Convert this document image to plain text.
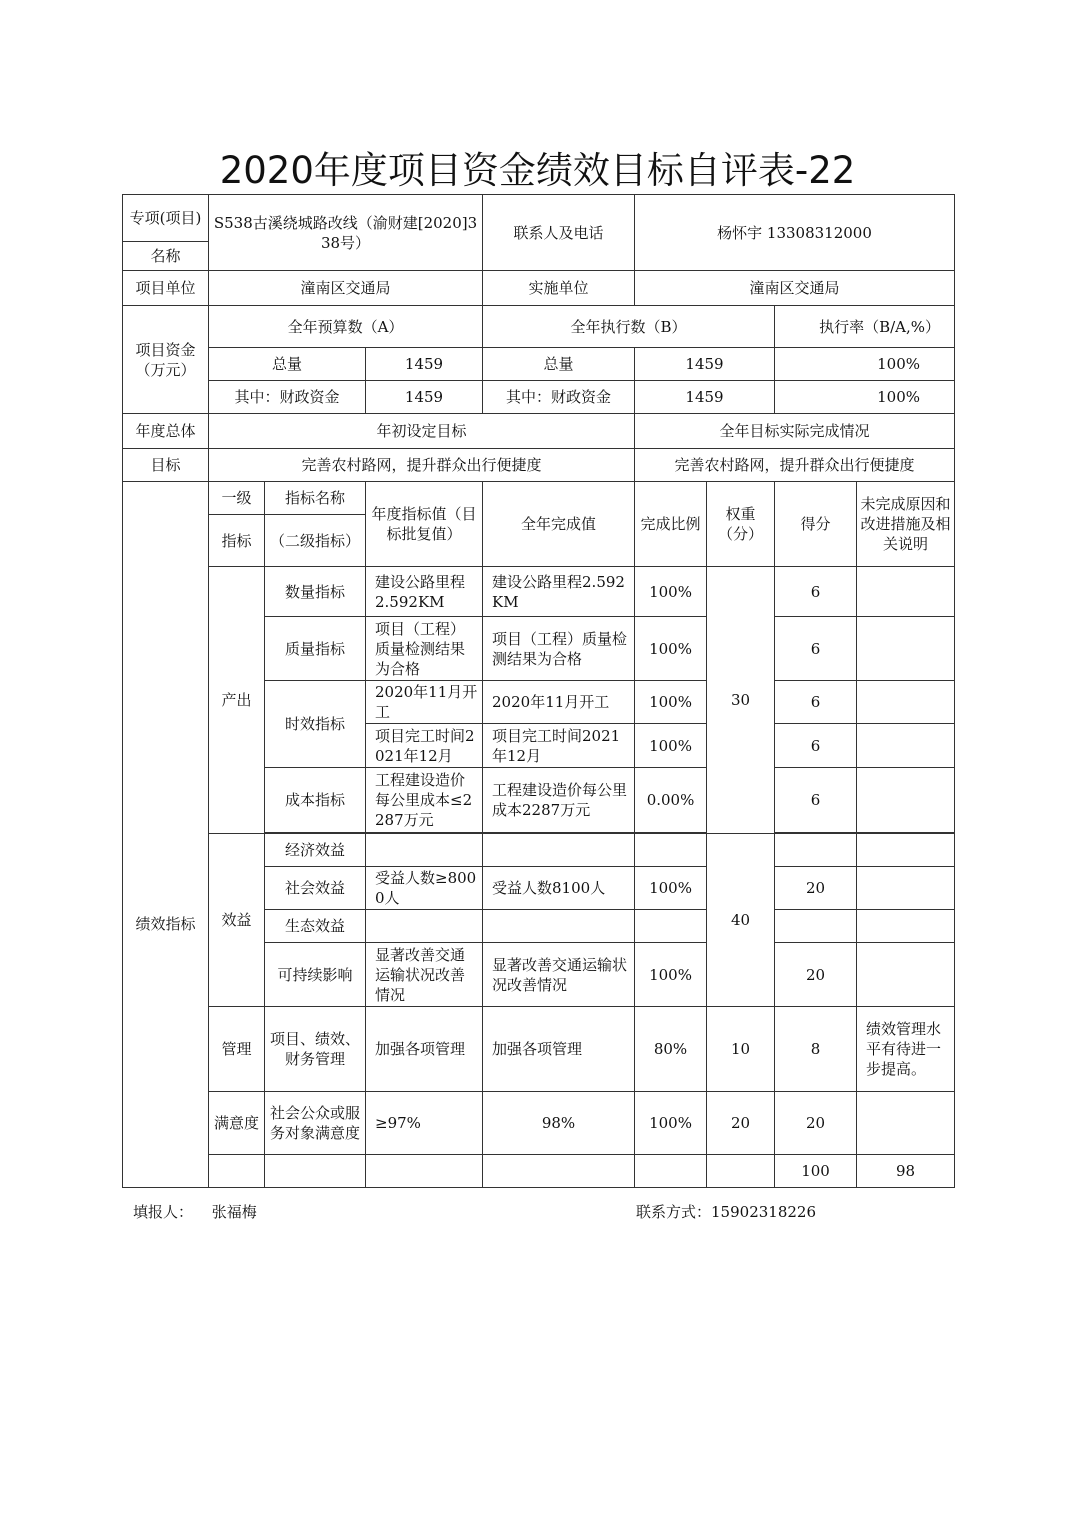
2020年度项目资金绩效目标自评表-22
专项(项目)	S538古溪绕城路改线（渝财建[2020]338号）			联系人及电话	杨怀宇 13308312000				
名称									
项目单位	潼南区交通局			实施单位	潼南区交通局				

项目资金
（万元）	全年预算数（A）			全年执行数（B）			执行率（B/A,%）		
	总量		1459	总量	1459		100%		
	其中：财政资金		1459	其中：财政资金	1459		100%		
年度总体	年初设定目标				全年目标实际完成情况				
目标	完善农村路网，提升群众出行便捷度				完善农村路网，提升群众出行便捷度				
绩效指标	一级	指标名称	年度指标值（目标批复值）	全年完成值	完成比例	权重（分）	得分	未完成原因和改进措施及相关说明	
	指标	（二级指标）							
	产出	数量指标	建设公路里程2.592KM	建设公路里程2.592KM	100%	30	6		
		质量指标	项目（工程）质量检测结果为合格	项目（工程）质量检测结果为合格	100%		6		
		时效指标	2020年11月开工	2020年11月开工	100%		6		
			项目完工时间2021年12月	项目完工时间2021年12月	100%		6		
		成本指标	工程建设造价每公里成本≤2287万元	工程建设造价每公里成本2287万元	0.00%		6		

	效益	经济效益				40			
		社会效益	受益人数≥8000人	受益人数8100人	100%		20		
		生态效益							
		可持续影响	显著改善交通运输状况改善情况	显著改善交通运输状况改善情况	100%		20		
	管理	项目、绩效、财务管理	加强各项管理	加强各项管理	80%	10	8	绩效管理水平有待进一步提高。	
	满意度	社会公众或服务对象满意度	≥97%	98%	100%	20	20		
							100	98	
填报人： 张福梅	联系方式：15902318226
